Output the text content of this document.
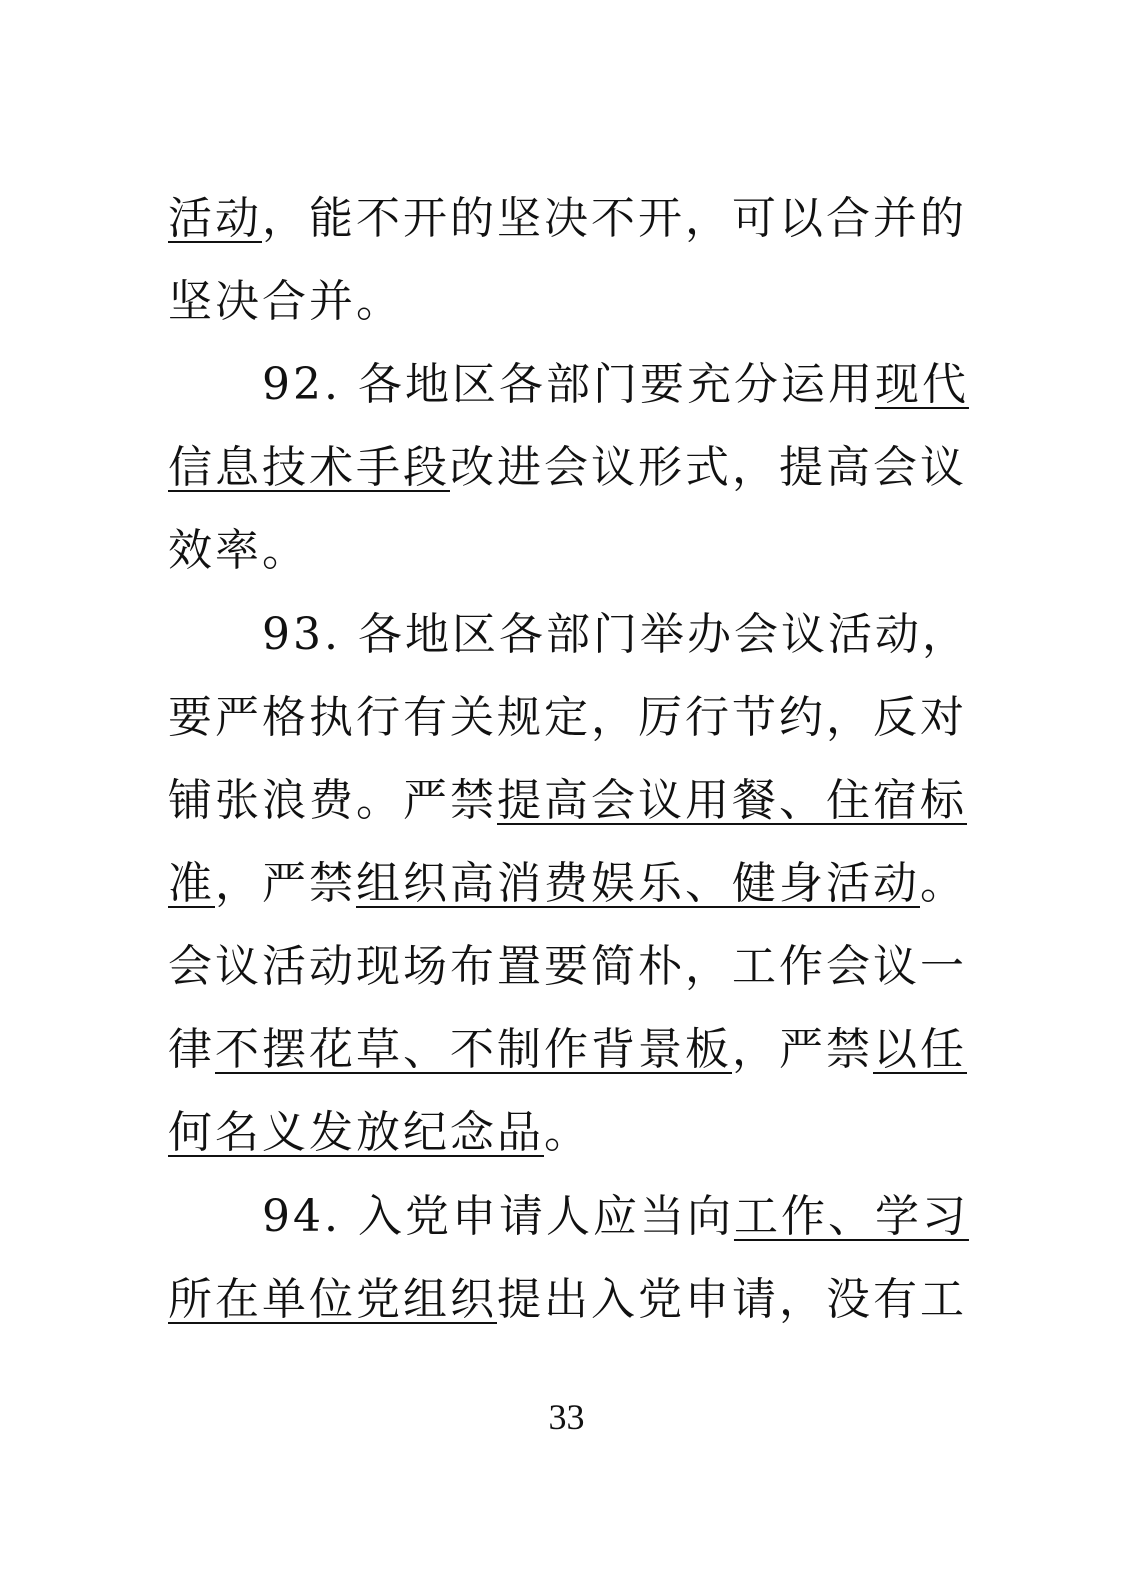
活动，能不开的坚决不开，可以合并的
坚决合并。
92. 各地区各部门要充分运用现代
信息技术手段改进会议形式，提高会议
效率。
93. 各地区各部门举办会议活动，
要严格执行有关规定，厉行节约，反对
铺张浪费。严禁提高会议用餐、住宿标
准，严禁组织高消费娱乐、健身活动。
会议活动现场布置要简朴，工作会议一
律不摆花草、不制作背景板，严禁以任
何名义发放纪念品。
94. 入党申请人应当向工作、学习
所在单位党组织提出入党申请，没有工
33
